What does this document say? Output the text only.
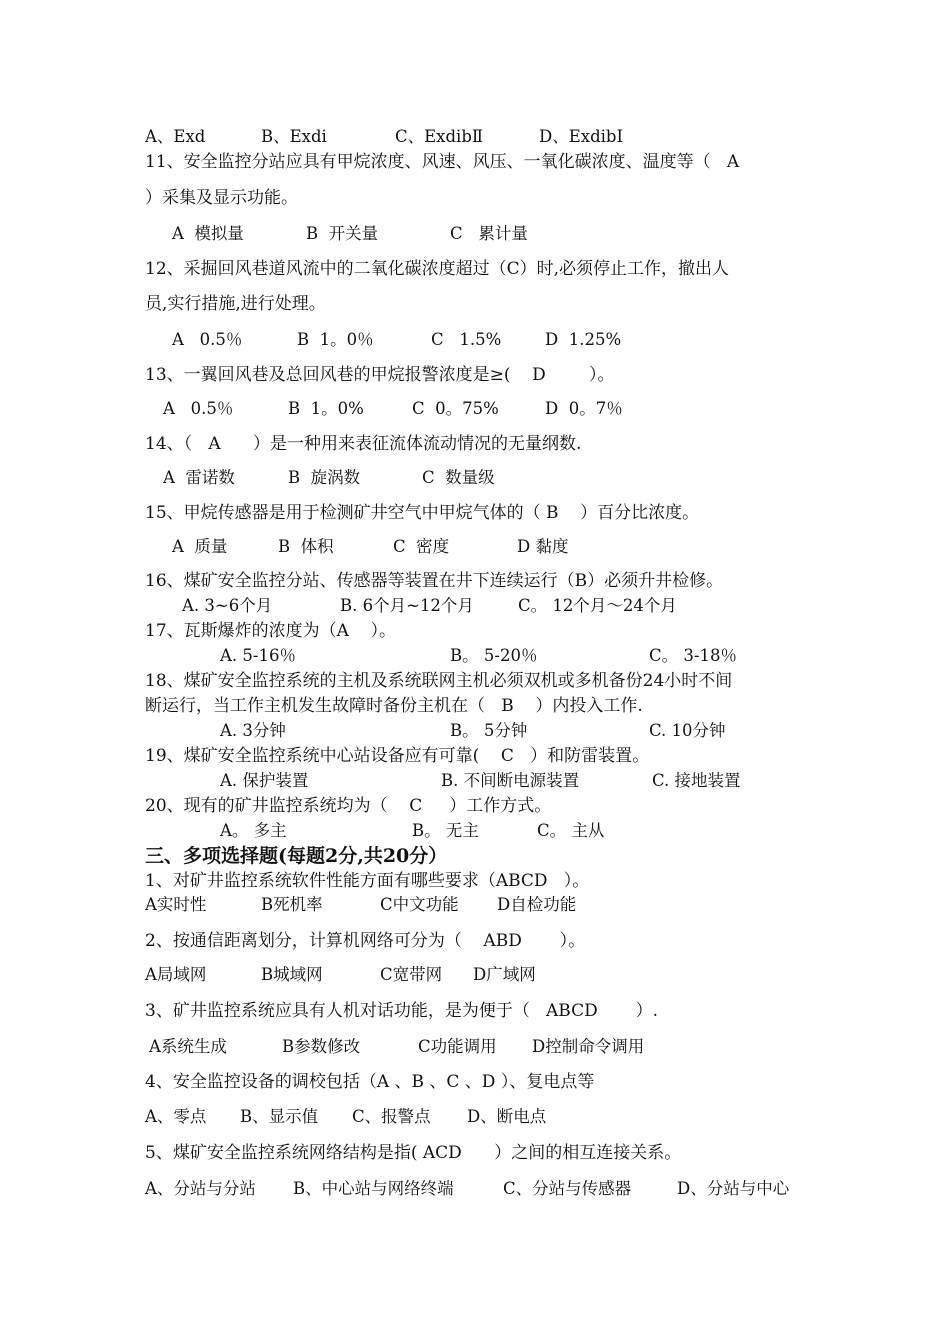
A、Exd	B、Exdi	C、ExdibⅡ	D、ExdibⅠ
11、安全监控分站应具有甲烷浓度、风速、风压、一氧化碳浓度、温度等（   A
）采集及显示功能。
A  模拟量	B  开关量	C   累计量
12、采掘回风巷道风流中的二氧化碳浓度超过（C）时,必须停止工作，撤出人
员,实行措施,进行处理。
A   0.5％	B  1。0％	C   1.5%	D  1.25%
13、一翼回风巷及总回风巷的甲烷报警浓度是≥(    D        ）。
A   0.5％	B  1。0%	C  0。75%	D  0。7％
14、（   A      ）是一种用来表征流体流动情况的无量纲数.
A  雷诺数	B  旋涡数	C  数量级
15、甲烷传感器是用于检测矿井空气中甲烷气体的（ B    ）百分比浓度。
A  质量	B  体积	C  密度	D 黏度
16、煤矿安全监控分站、传感器等装置在井下连续运行（B）必须升井检修。
A. 3~6个月	B. 6个月~12个月	C。 12个月～24个月
17、瓦斯爆炸的浓度为（A    ）。
A. 5-16％	B。 5-20％	C。 3-18％
18、煤矿安全监控系统的主机及系统联网主机必须双机或多机备份24小时不间
断运行，当工作主机发生故障时备份主机在（   B    ）内投入工作.
A. 3分钟	B。 5分钟	C. 10分钟
19、煤矿安全监控系统中心站设备应有可靠(    C   ）和防雷装置。
A. 保护装置	B. 不间断电源装置	C. 接地装置
20、现有的矿井监控系统均为（    C     ）工作方式。
A。 多主	B。 无主	C。 主从
三、多项选择题(每题2分,共20分）
1、对矿井监控系统软件性能方面有哪些要求（ABCD   ）。
A实时性	B死机率	C中文功能 D自检功能
2、按通信距离划分，计算机网络可分为（    ABD       ）。
A局域网	B城域网	C宽带网 D广域网
3、矿井监控系统应具有人机对话功能，是为便于（   ABCD       ）.
A系统生成	B参数修改	C功能调用 D控制命令调用
4、安全监控设备的调校包括（A 、B 、C 、D ）、复电点等
A、零点 B、显示值 C、报警点 D、断电点
5、煤矿安全监控系统网络结构是指( ACD      ）之间的相互连接关系。
A、分站与分站 B、中心站与网络终端	C、分站与传感器	D、分站与中心
